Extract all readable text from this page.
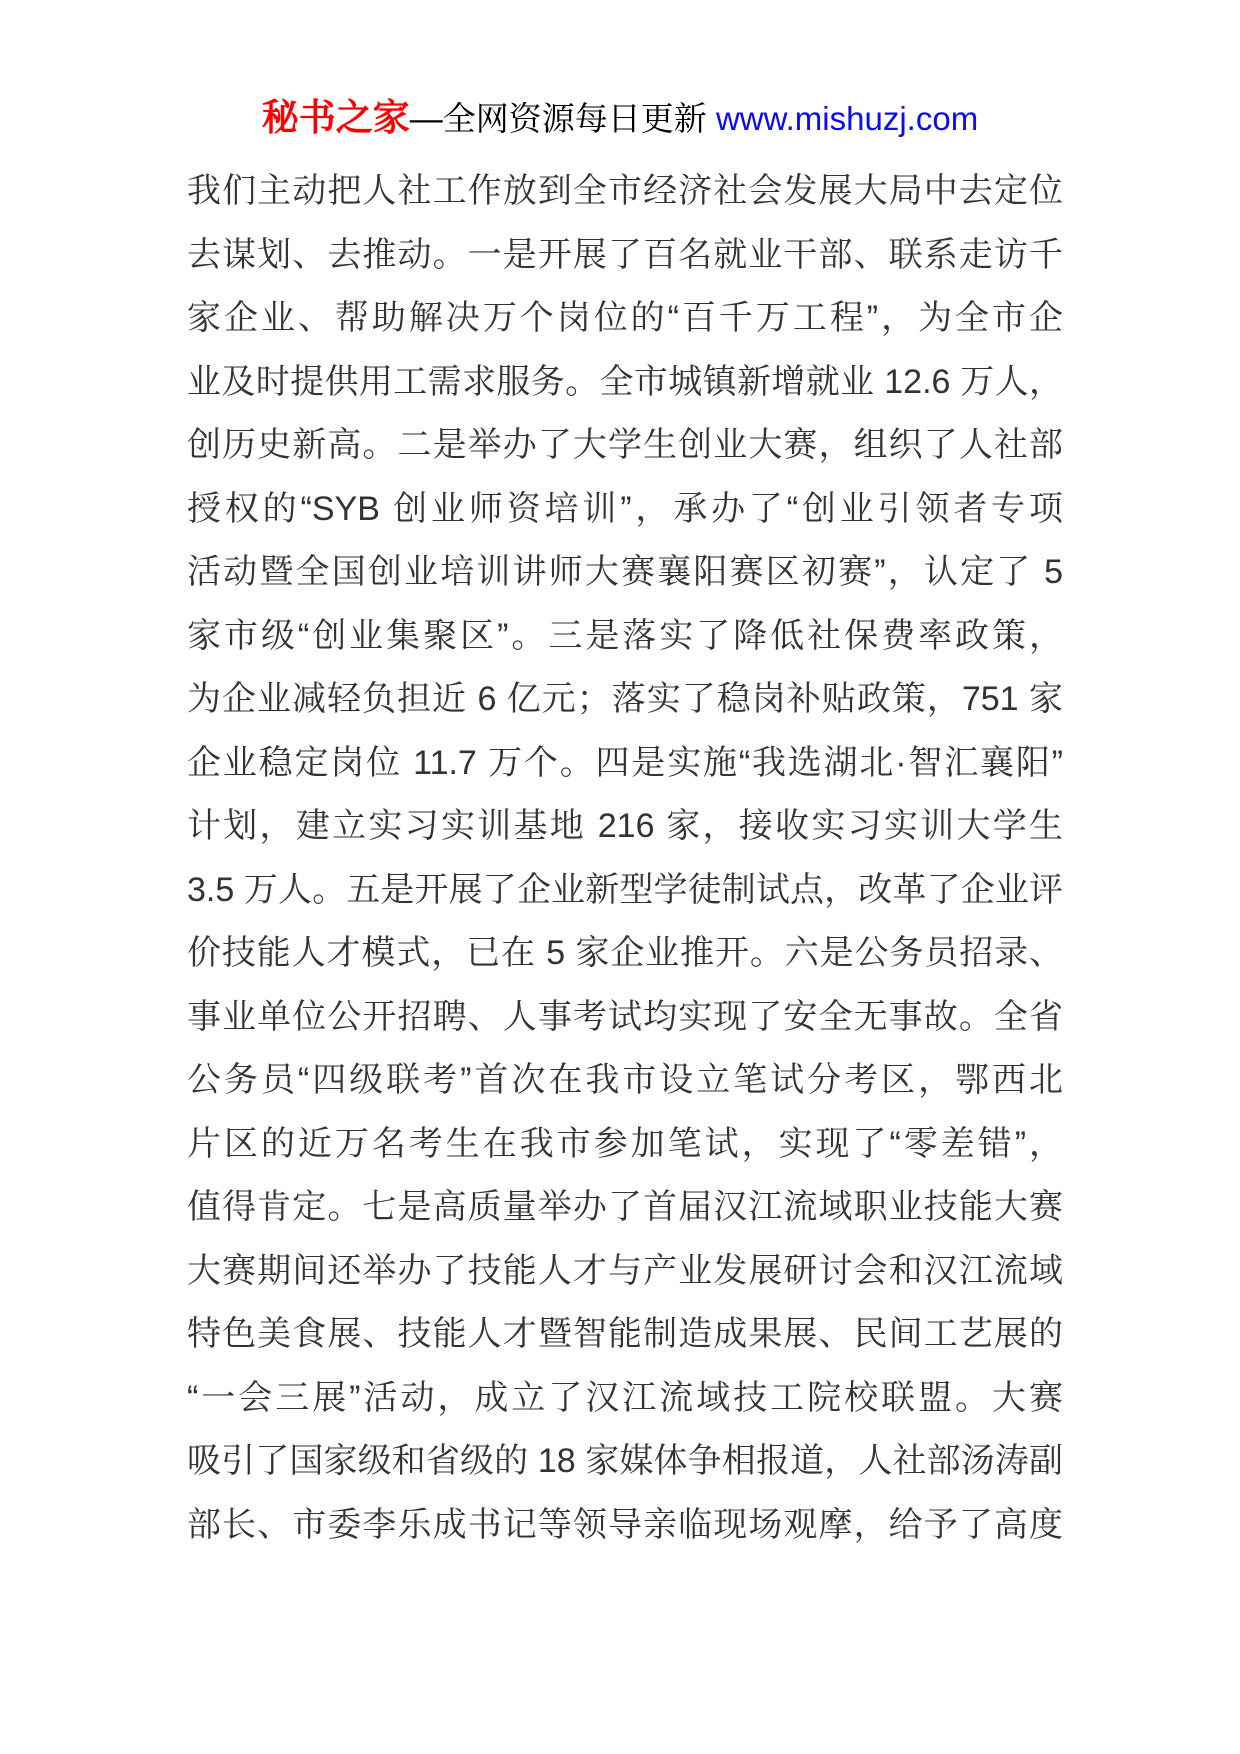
秘书之家—全网资源每日更新 www.mishuzj.com
我们主动把人社工作放到全市经济社会发展大局中去定位
去谋划、去推动。一是开展了百名就业干部、联系走访千
家企业、帮助解决万个岗位的“百千万工程”，为全市企
业及时提供用工需求服务。全市城镇新增就业 12.6 万人，
创历史新高。二是举办了大学生创业大赛，组织了人社部
授权的“SYB 创业师资培训”，承办了“创业引领者专项
活动暨全国创业培训讲师大赛襄阳赛区初赛”，认定了 5
家市级“创业集聚区”。三是落实了降低社保费率政策，
为企业减轻负担近 6 亿元；落实了稳岗补贴政策，751 家
企业稳定岗位 11.7 万个。四是实施“我选湖北·智汇襄阳”
计划，建立实习实训基地 216 家，接收实习实训大学生
3.5 万人。五是开展了企业新型学徒制试点，改革了企业评
价技能人才模式，已在 5 家企业推开。六是公务员招录、
事业单位公开招聘、人事考试均实现了安全无事故。全省
公务员“四级联考”首次在我市设立笔试分考区，鄂西北
片区的近万名考生在我市参加笔试，实现了“零差错”，
值得肯定。七是高质量举办了首届汉江流域职业技能大赛
大赛期间还举办了技能人才与产业发展研讨会和汉江流域
特色美食展、技能人才暨智能制造成果展、民间工艺展的
“一会三展”活动，成立了汉江流域技工院校联盟。大赛
吸引了国家级和省级的 18 家媒体争相报道，人社部汤涛副
部长、市委李乐成书记等领导亲临现场观摩，给予了高度
